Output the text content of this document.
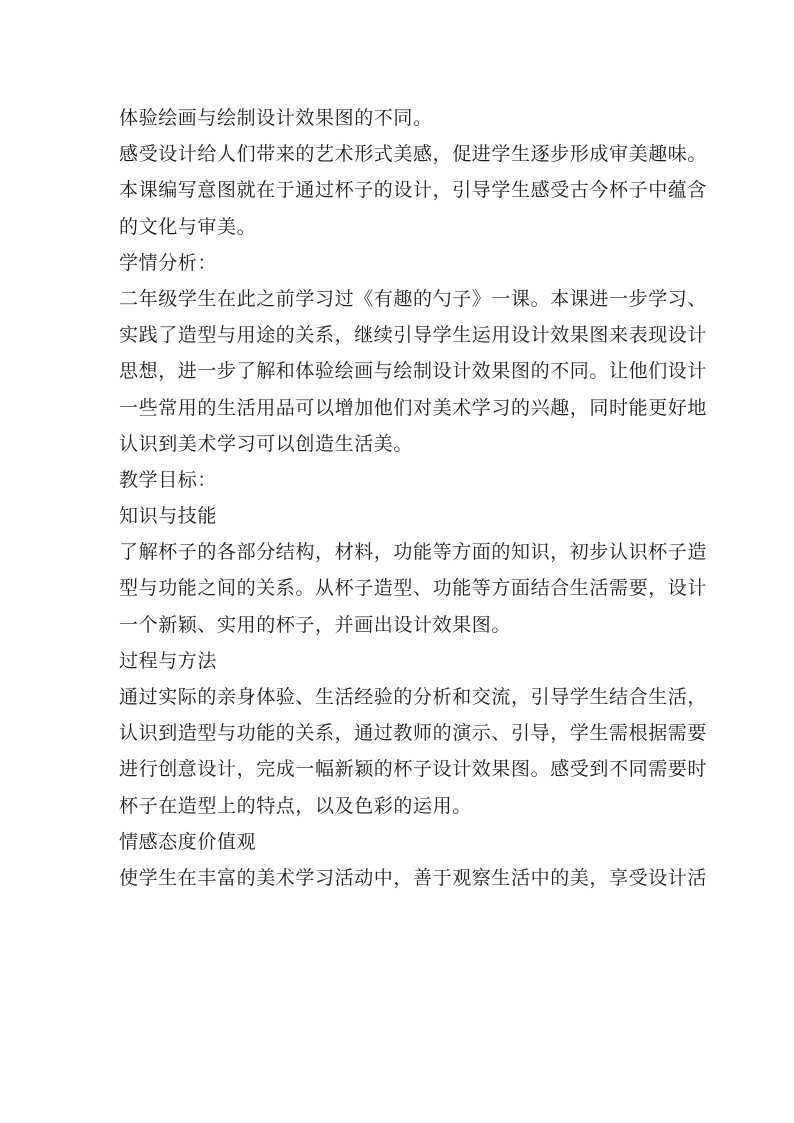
体验绘画与绘制设计效果图的不同。
感受设计给人们带来的艺术形式美感，促进学生逐步形成审美趣味。
本课编写意图就在于通过杯子的设计，引导学生感受古今杯子中蕴含
的文化与审美。
学情分析：
二年级学生在此之前学习过《有趣的勺子》一课。本课进一步学习、
实践了造型与用途的关系，继续引导学生运用设计效果图来表现设计
思想，进一步了解和体验绘画与绘制设计效果图的不同。让他们设计
一些常用的生活用品可以增加他们对美术学习的兴趣，同时能更好地
认识到美术学习可以创造生活美。
教学目标：
知识与技能
了解杯子的各部分结构，材料，功能等方面的知识，初步认识杯子造
型与功能之间的关系。从杯子造型、功能等方面结合生活需要，设计
一个新颖、实用的杯子，并画出设计效果图。
过程与方法
通过实际的亲身体验、生活经验的分析和交流，引导学生结合生活，
认识到造型与功能的关系，通过教师的演示、引导，学生需根据需要
进行创意设计，完成一幅新颖的杯子设计效果图。感受到不同需要时
杯子在造型上的特点，以及色彩的运用。
情感态度价值观
使学生在丰富的美术学习活动中，善于观察生活中的美，享受设计活
